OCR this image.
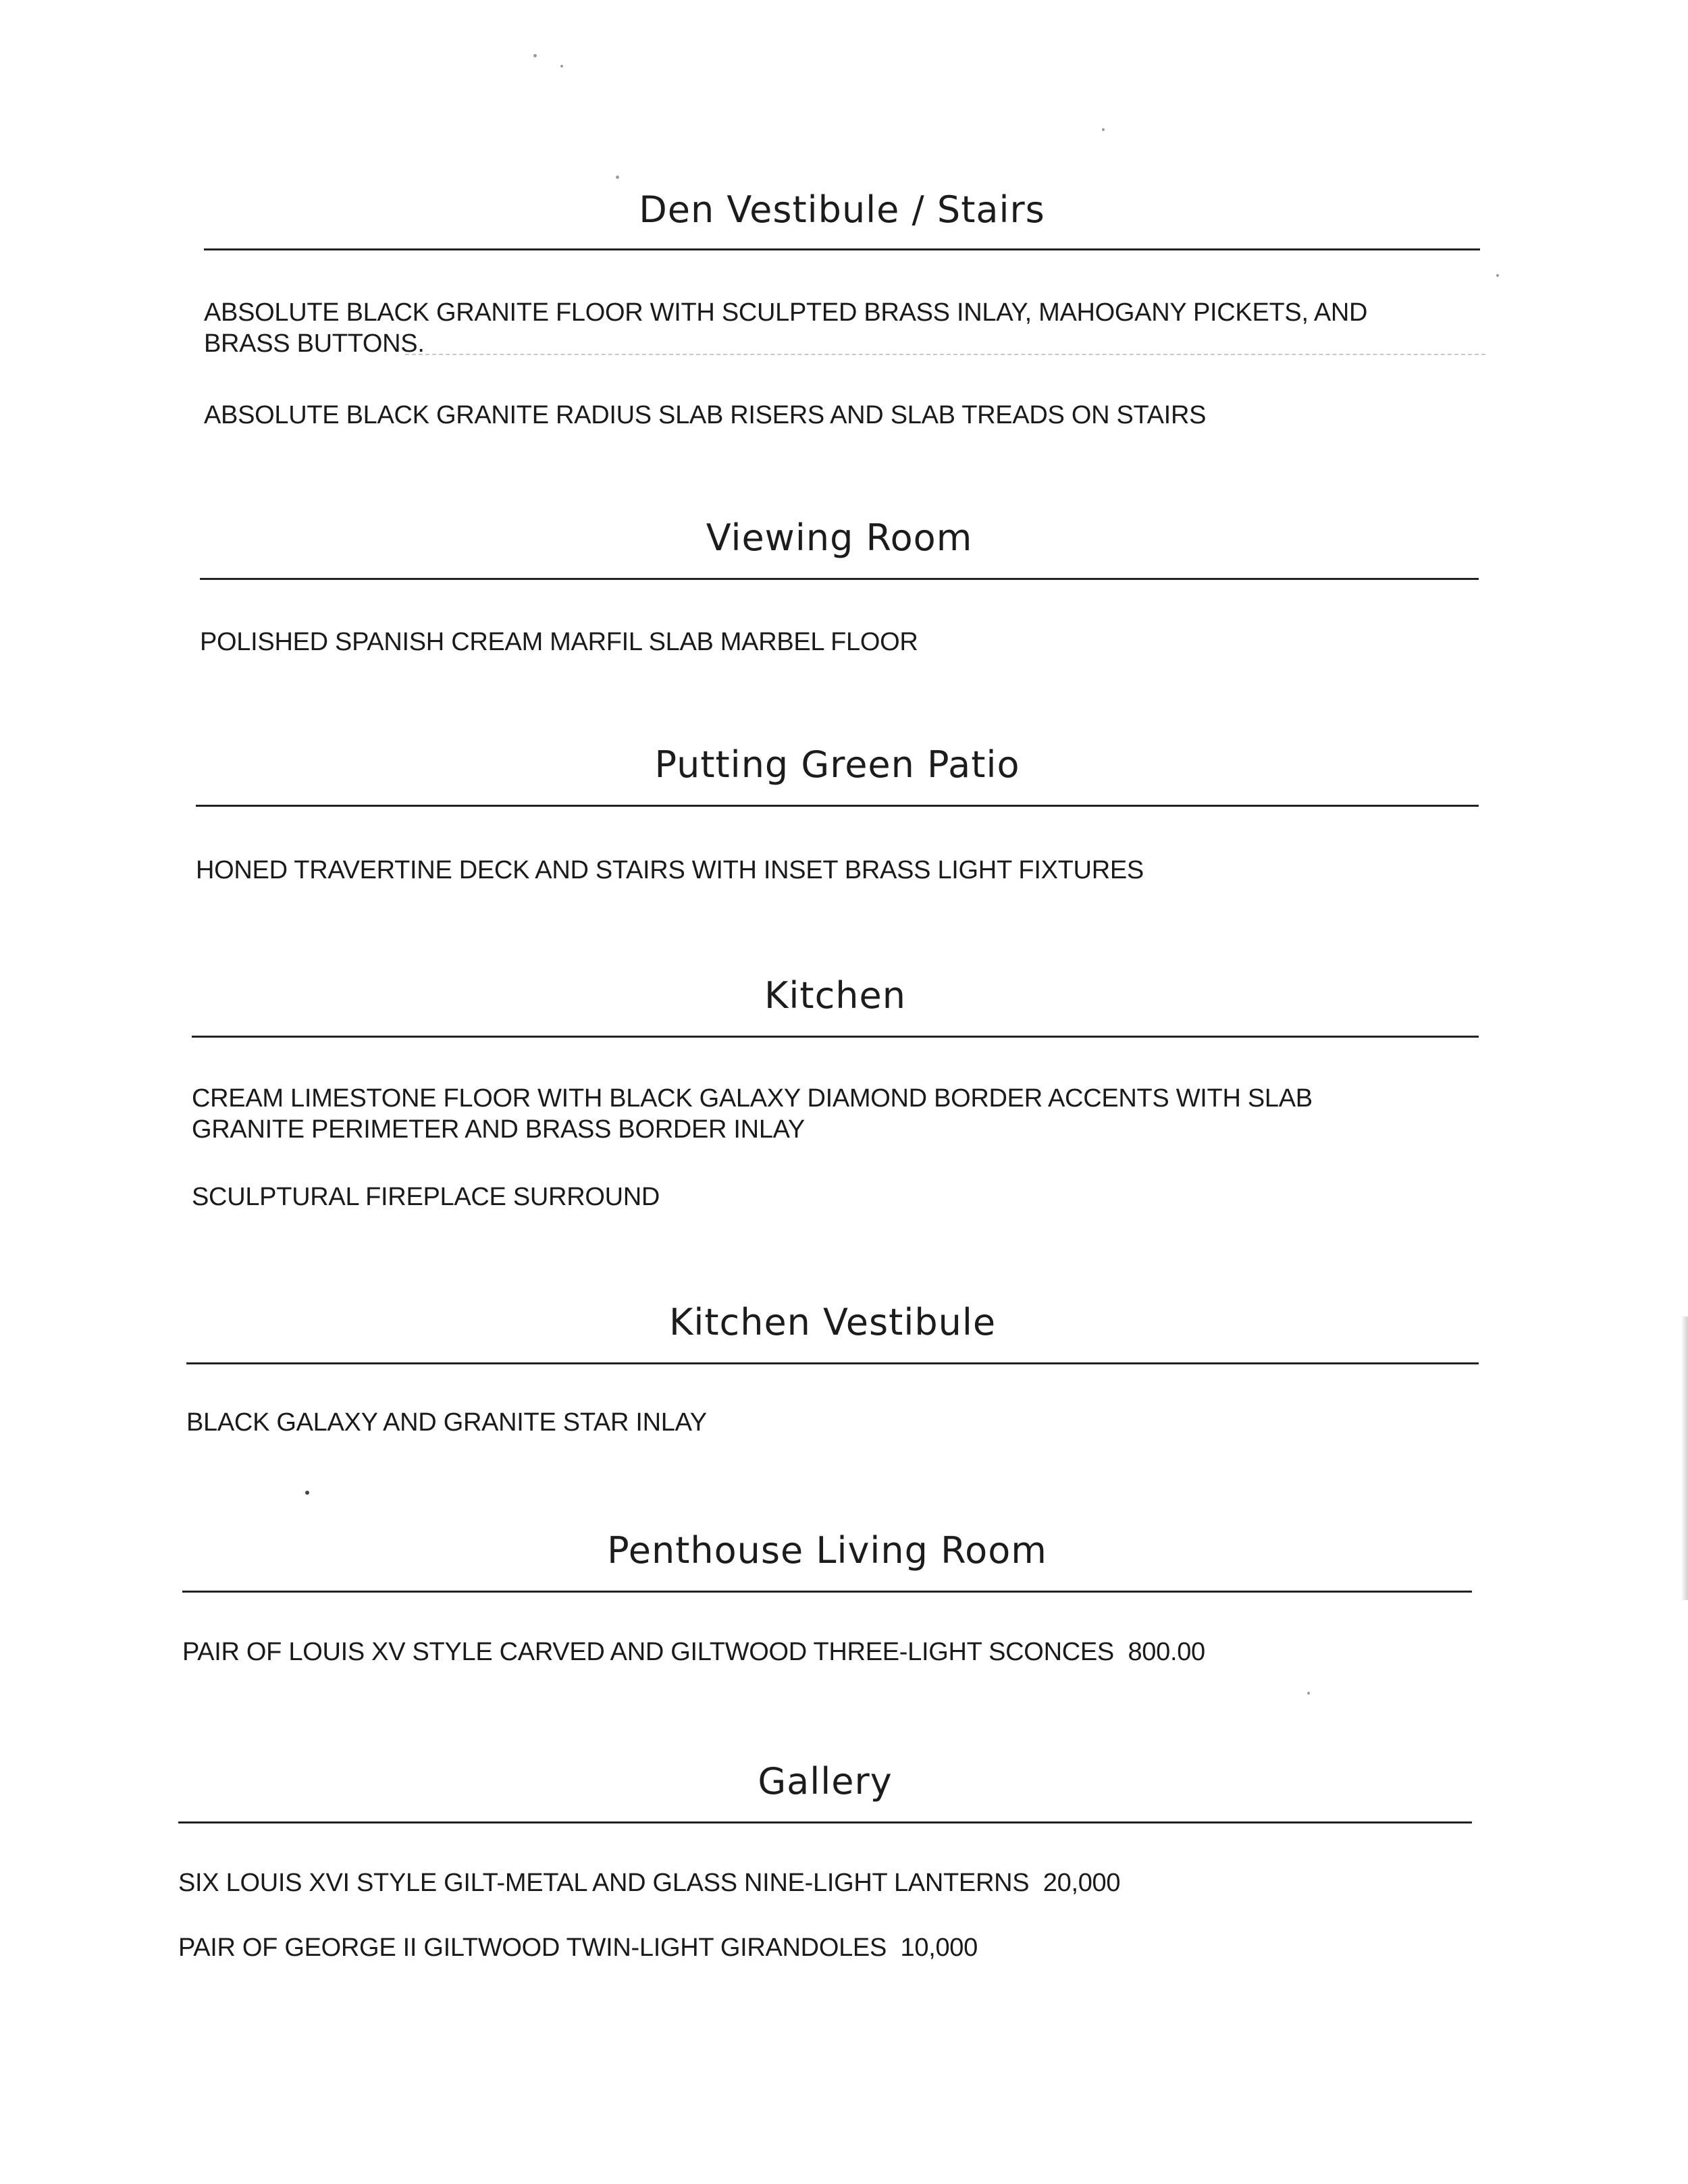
Den Vestibule / Stairs

ABSOLUTE BLACK GRANITE FLOOR WITH SCULPTED BRASS INLAY, MAHOGANY PICKETS, AND BRASS BUTTONS.

ABSOLUTE BLACK GRANITE RADIUS SLAB RISERS AND SLAB TREADS ON STAIRS

Viewing Room

POLISHED SPANISH CREAM MARFIL SLAB MARBEL FLOOR

Putting Green Patio

HONED TRAVERTINE DECK AND STAIRS WITH INSET BRASS LIGHT FIXTURES

Kitchen

CREAM LIMESTONE FLOOR WITH BLACK GALAXY DIAMOND BORDER ACCENTS WITH SLAB GRANITE PERIMETER AND BRASS BORDER INLAY

SCULPTURAL FIREPLACE SURROUND

Kitchen Vestibule

BLACK GALAXY AND GRANITE STAR INLAY

Penthouse Living Room

PAIR OF LOUIS XV STYLE CARVED AND GILTWOOD THREE-LIGHT SCONCES  800.00

Gallery

SIX LOUIS XVI STYLE GILT-METAL AND GLASS NINE-LIGHT LANTERNS  20,000

PAIR OF GEORGE II GILTWOOD TWIN-LIGHT GIRANDOLES  10,000
